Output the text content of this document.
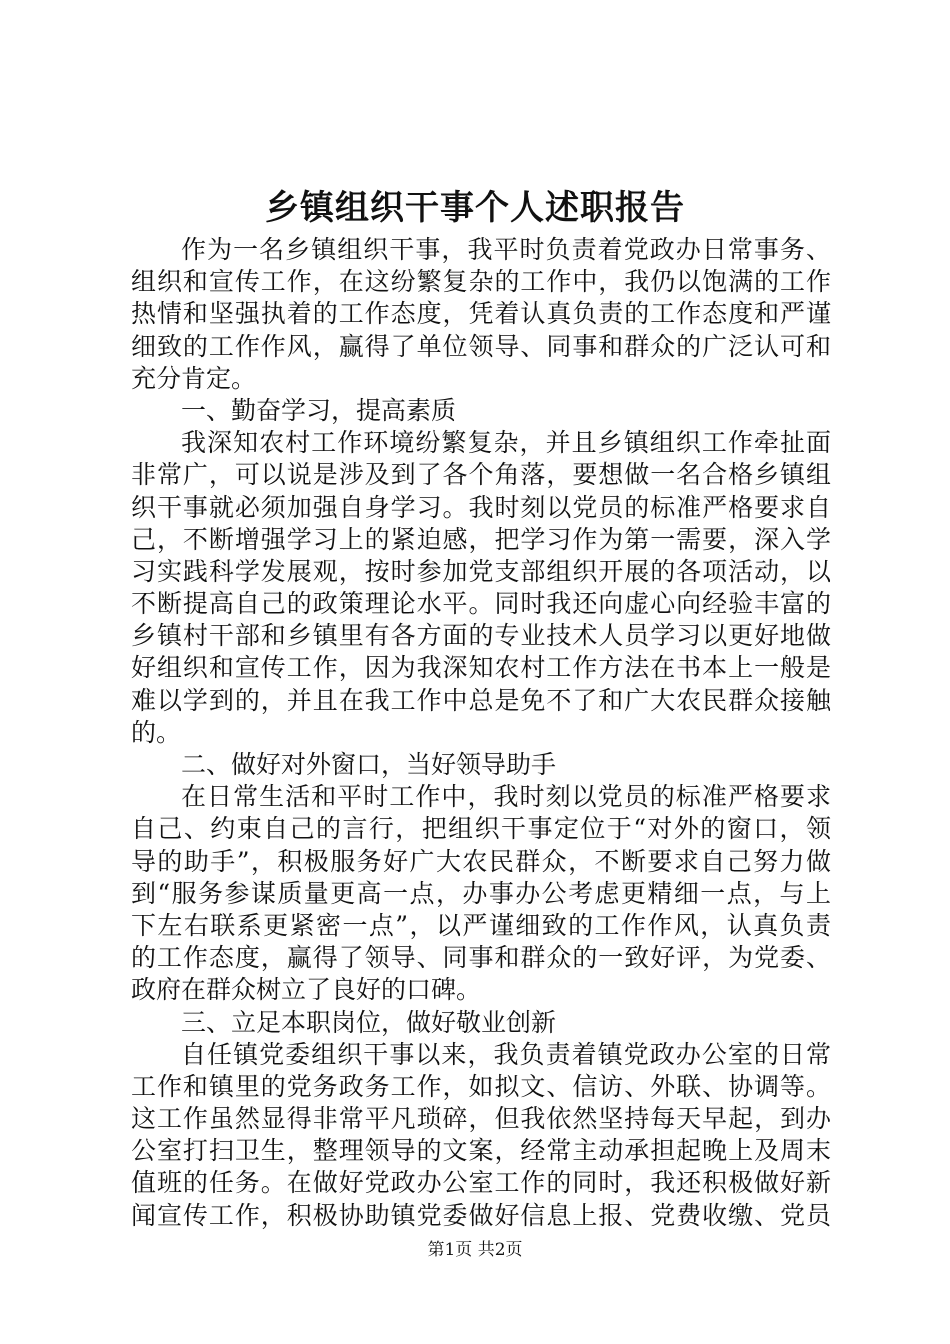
乡镇组织干事个人述职报告
作为一名乡镇组织干事，我平时负责着党政办日常事务、
组织和宣传工作，在这纷繁复杂的工作中，我仍以饱满的工作
热情和坚强执着的工作态度，凭着认真负责的工作态度和严谨
细致的工作作风，赢得了单位领导、同事和群众的广泛认可和
充分肯定。
一、勤奋学习，提高素质
我深知农村工作环境纷繁复杂，并且乡镇组织工作牵扯面
非常广，可以说是涉及到了各个角落，要想做一名合格乡镇组
织干事就必须加强自身学习。我时刻以党员的标准严格要求自
己，不断增强学习上的紧迫感，把学习作为第一需要，深入学
习实践科学发展观，按时参加党支部组织开展的各项活动，以
不断提高自己的政策理论水平。同时我还向虚心向经验丰富的
乡镇村干部和乡镇里有各方面的专业技术人员学习以更好地做
好组织和宣传工作，因为我深知农村工作方法在书本上一般是
难以学到的，并且在我工作中总是免不了和广大农民群众接触
的。
二、做好对外窗口，当好领导助手
在日常生活和平时工作中，我时刻以党员的标准严格要求
自己、约束自己的言行，把组织干事定位于“对外的窗口，领
导的助手”，积极服务好广大农民群众，不断要求自己努力做
到“服务参谋质量更高一点，办事办公考虑更精细一点，与上
下左右联系更紧密一点”，以严谨细致的工作作风，认真负责
的工作态度，赢得了领导、同事和群众的一致好评，为党委、
政府在群众树立了良好的口碑。
三、立足本职岗位，做好敬业创新
自任镇党委组织干事以来，我负责着镇党政办公室的日常
工作和镇里的党务政务工作，如拟文、信访、外联、协调等。
这工作虽然显得非常平凡琐碎，但我依然坚持每天早起，到办
公室打扫卫生，整理领导的文案，经常主动承担起晚上及周末
值班的任务。在做好党政办公室工作的同时，我还积极做好新
闻宣传工作，积极协助镇党委做好信息上报、党费收缴、党员
第1页 共2页
